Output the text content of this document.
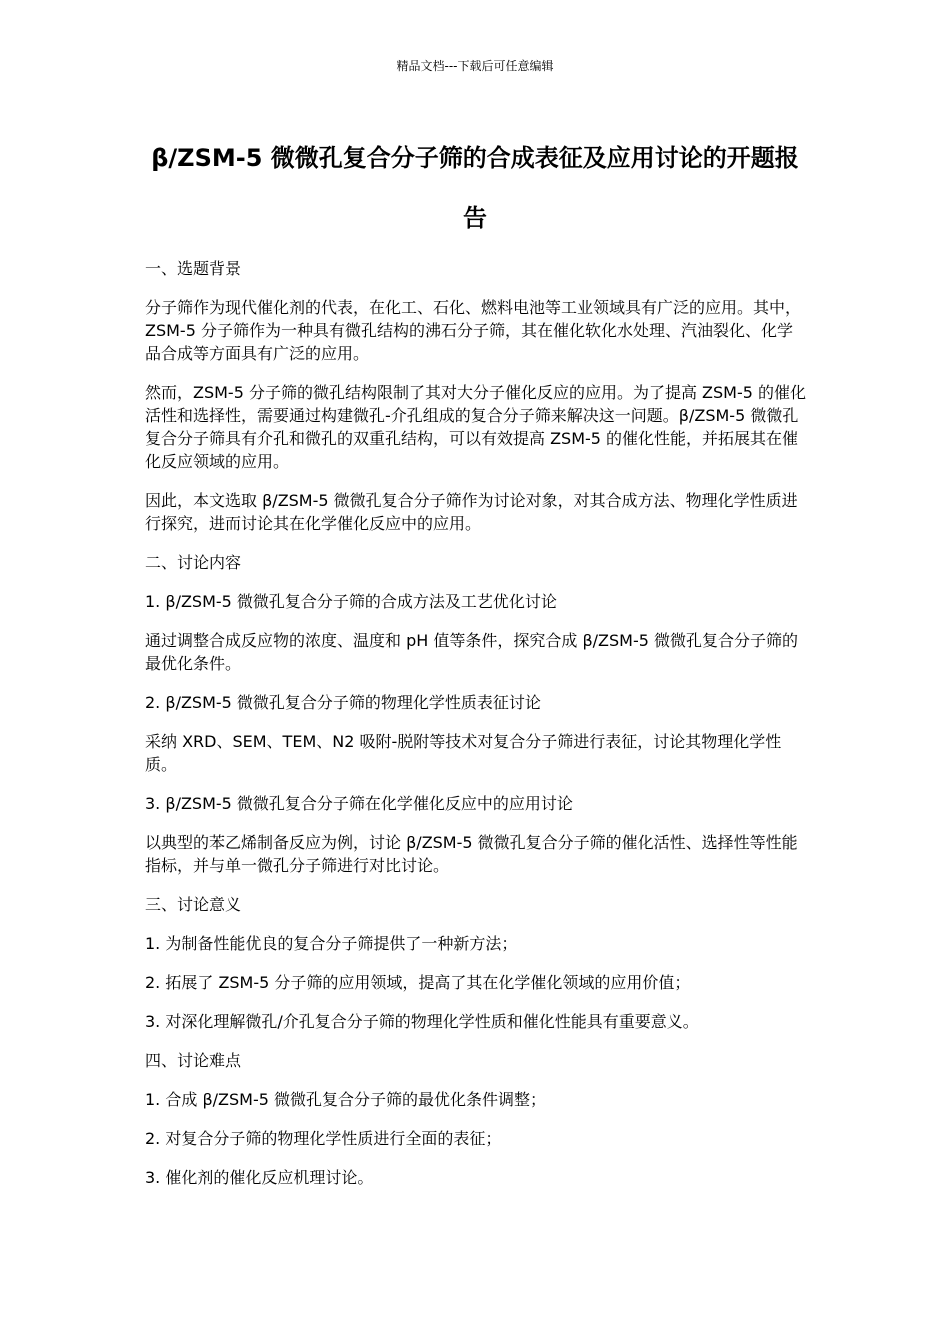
精品文档---下载后可任意编辑
β/ZSM-5 微微孔复合分子筛的合成表征及应用讨论的开题报告

一、选题背景

分子筛作为现代催化剂的代表，在化工、石化、燃料电池等工业领域具有广泛的应用。其中，ZSM-5 分子筛作为一种具有微孔结构的沸石分子筛，其在催化软化水处理、汽油裂化、化学品合成等方面具有广泛的应用。

然而，ZSM-5 分子筛的微孔结构限制了其对大分子催化反应的应用。为了提高 ZSM-5 的催化活性和选择性，需要通过构建微孔-介孔组成的复合分子筛来解决这一问题。β/ZSM-5 微微孔复合分子筛具有介孔和微孔的双重孔结构，可以有效提高 ZSM-5 的催化性能，并拓展其在催化反应领域的应用。

因此，本文选取 β/ZSM-5 微微孔复合分子筛作为讨论对象，对其合成方法、物理化学性质进行探究，进而讨论其在化学催化反应中的应用。

二、讨论内容

1. β/ZSM-5 微微孔复合分子筛的合成方法及工艺优化讨论

通过调整合成反应物的浓度、温度和 pH 值等条件，探究合成 β/ZSM-5 微微孔复合分子筛的最优化条件。

2. β/ZSM-5 微微孔复合分子筛的物理化学性质表征讨论

采纳 XRD、SEM、TEM、N2 吸附-脱附等技术对复合分子筛进行表征，讨论其物理化学性质。

3. β/ZSM-5 微微孔复合分子筛在化学催化反应中的应用讨论

以典型的苯乙烯制备反应为例，讨论 β/ZSM-5 微微孔复合分子筛的催化活性、选择性等性能指标，并与单一微孔分子筛进行对比讨论。

三、讨论意义

1. 为制备性能优良的复合分子筛提供了一种新方法；

2. 拓展了 ZSM-5 分子筛的应用领域，提高了其在化学催化领域的应用价值；

3. 对深化理解微孔/介孔复合分子筛的物理化学性质和催化性能具有重要意义。

四、讨论难点

1. 合成 β/ZSM-5 微微孔复合分子筛的最优化条件调整；

2. 对复合分子筛的物理化学性质进行全面的表征；

3. 催化剂的催化反应机理讨论。
